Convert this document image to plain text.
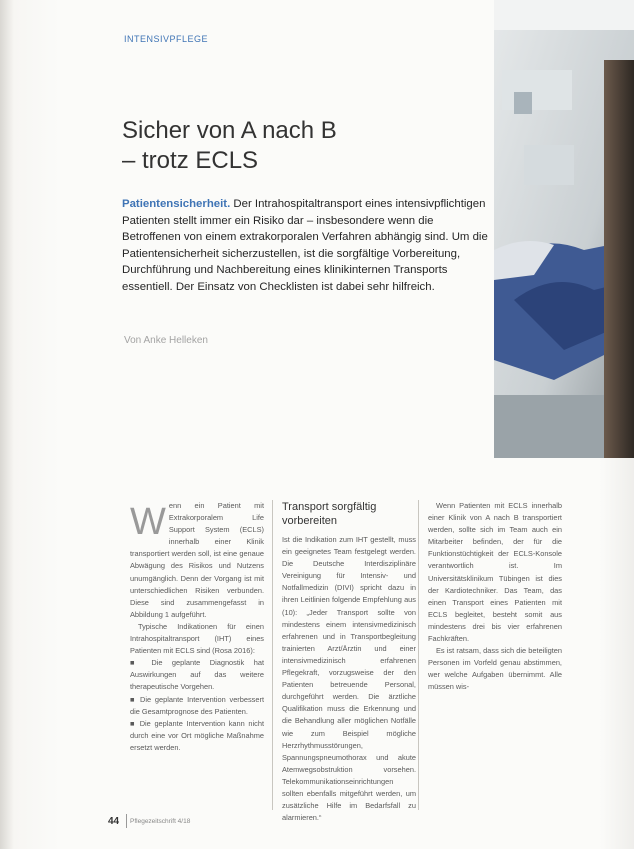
INTENSIVPFLEGE
Sicher von A nach B
– trotz ECLS
Patientensicherheit. Der Intrahospitaltransport eines intensivpflichtigen Patienten stellt immer ein Risiko dar – insbesondere wenn die Betroffenen von einem extrakorporalen Verfahren abhängig sind. Um die Patientensicherheit sicherzustellen, ist die sorgfältige Vorbereitung, Durchführung und Nachbereitung eines klinikinternen Transports essentiell. Der Einsatz von Checklisten ist dabei sehr hilfreich.
Von Anke Helleken

Wenn ein Patient mit Extrakorporalem Life Support System (ECLS) innerhalb einer Klinik transportiert werden soll, ist eine genaue Abwägung des Risikos und Nutzens unumgänglich. Denn der Vorgang ist mit unterschiedlichen Risiken verbunden. Diese sind zusammengefasst in Abbildung 1 aufgeführt.

Typische Indikationen für einen Intrahospitaltransport (IHT) eines Patienten mit ECLS sind (Rosa 2016):

■ Die geplante Diagnostik hat Auswirkungen auf das weitere therapeutische Vorgehen.

■ Die geplante Intervention verbessert die Gesamtprognose des Patienten.

■ Die geplante Intervention kann nicht durch eine vor Ort mögliche Maßnahme ersetzt werden.

Transport sorgfältig vorbereiten

Ist die Indikation zum IHT gestellt, muss ein geeignetes Team festgelegt werden. Die Deutsche Interdisziplinäre Vereinigung für Intensiv- und Notfallmedizin (DIVI) spricht dazu in ihren Leitlinien folgende Empfehlung aus (10): „Jeder Transport sollte von mindestens einem intensivmedizinisch erfahrenen und in Transportbegleitung trainierten Arzt/Ärztin und einer intensivmedizinisch erfahrenen Pflegekraft, vorzugsweise der den Patienten betreuende Personal, durchgeführt werden. Die ärztliche Qualifikation muss die Erkennung und die Behandlung aller möglichen Notfälle wie zum Beispiel mögliche Herzrhythmusstörungen, Spannungspneumothorax und akute Atemwegsobstruktion vorsehen. Telekommunikationseinrichtungen sollten ebenfalls mitgeführt werden, um zusätzliche Hilfe im Bedarfsfall zu alarmieren.“

Wenn Patienten mit ECLS innerhalb einer Klinik von A nach B transportiert werden, sollte sich im Team auch ein Mitarbeiter befinden, der für die Funktionstüchtigkeit der ECLS-Konsole verantwortlich ist. Im Universitätsklinikum Tübingen ist dies der Kardiotechniker. Das Team, das einen Transport eines Patienten mit ECLS begleitet, besteht somit aus mindestens drei bis vier erfahrenen Fachkräften.

Es ist ratsam, dass sich die beteiligten Personen im Vorfeld genau abstimmen, wer welche Aufgaben übernimmt. Alle müssen wis-

44 Pflegezeitschrift 4/18
